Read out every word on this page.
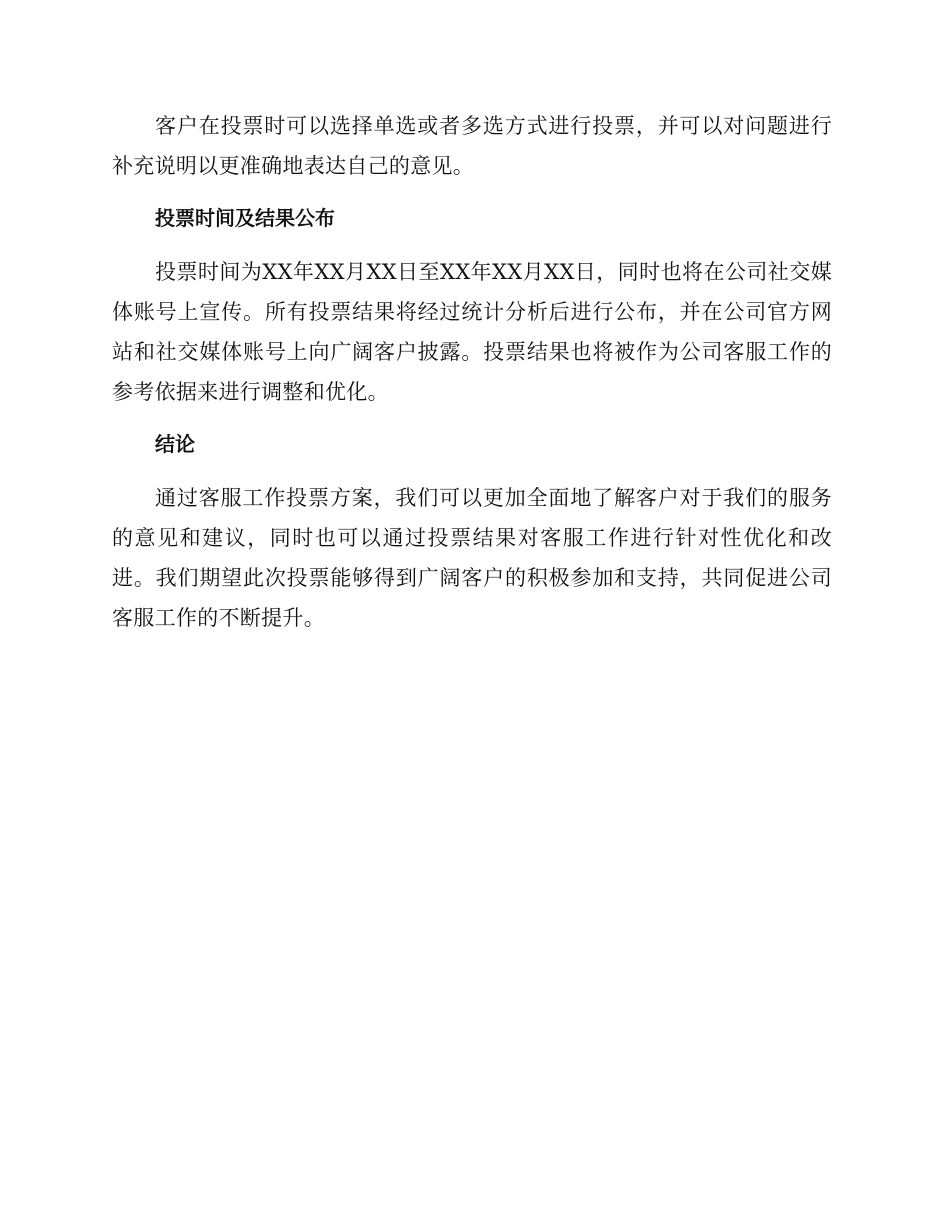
客户在投票时可以选择单选或者多选方式进行投票，并可以对问题进行补充说明以更准确地表达自己的意见。

投票时间及结果公布

投票时间为XX年XX月XX日至XX年XX月XX日，同时也将在公司社交媒体账号上宣传。所有投票结果将经过统计分析后进行公布，并在公司官方网站和社交媒体账号上向广阔客户披露。投票结果也将被作为公司客服工作的参考依据来进行调整和优化。

结论

通过客服工作投票方案，我们可以更加全面地了解客户对于我们的服务的意见和建议，同时也可以通过投票结果对客服工作进行针对性优化和改进。我们期望此次投票能够得到广阔客户的积极参加和支持，共同促进公司客服工作的不断提升。
